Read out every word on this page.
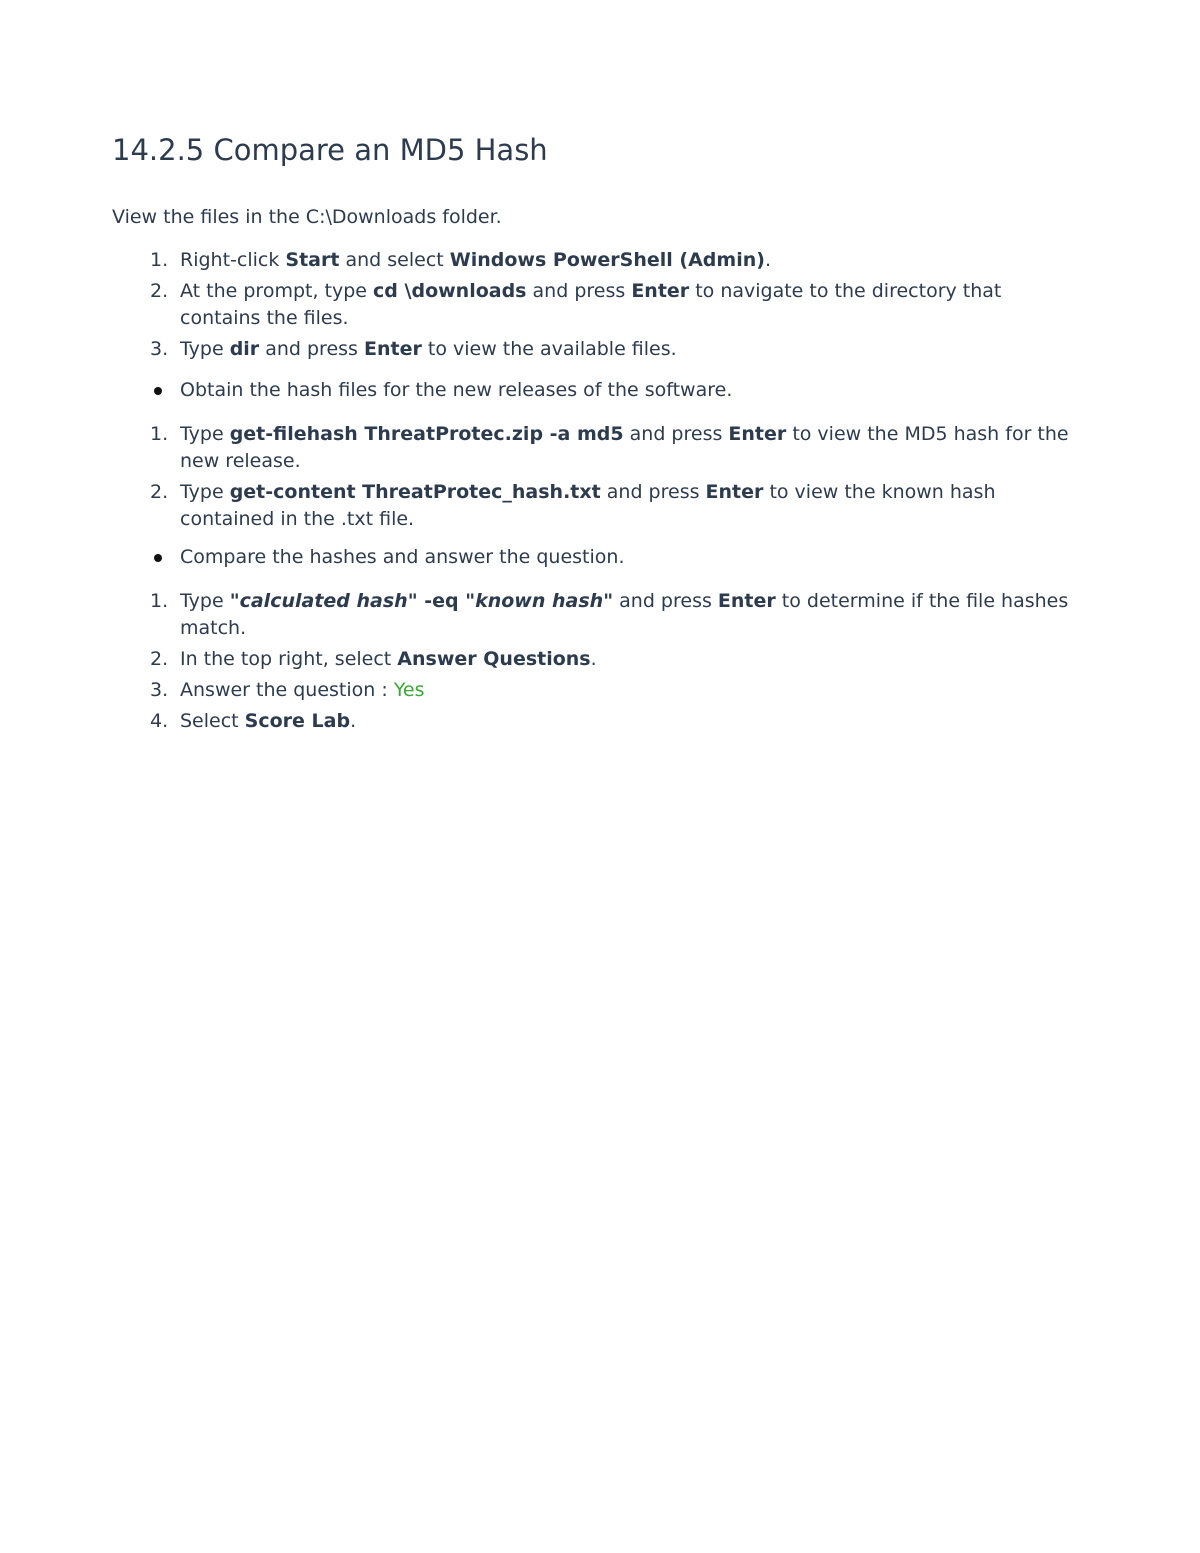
14.2.5 Compare an MD5 Hash

View the files in the C:\Downloads folder.

1. Right-click Start and select Windows PowerShell (Admin).
2. At the prompt, type cd \downloads and press Enter to navigate to the directory that contains the files.
3. Type dir and press Enter to view the available files.
Obtain the hash files for the new releases of the software.
1. Type get-filehash ThreatProtec.zip -a md5 and press Enter to view the MD5 hash for the new release.
2. Type get-content ThreatProtec_hash.txt and press Enter to view the known hash contained in the .txt file.
Compare the hashes and answer the question.
1. Type "calculated hash" -eq "known hash" and press Enter to determine if the file hashes match.
2. In the top right, select Answer Questions.
3. Answer the question : Yes
4. Select Score Lab.
